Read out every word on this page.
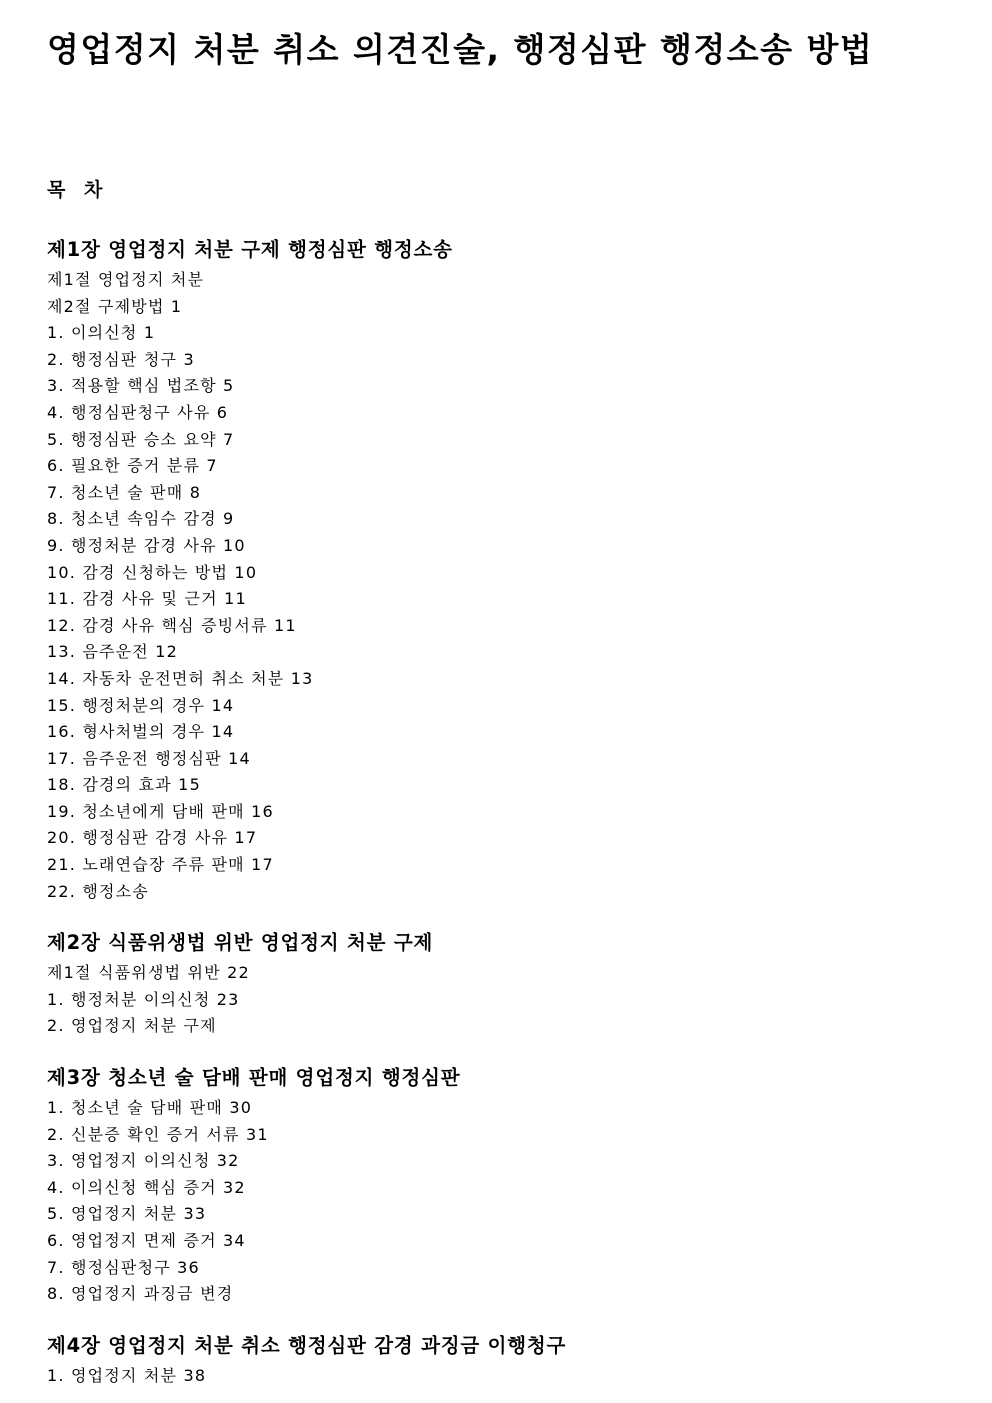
영업정지 처분 취소 의견진술, 행정심판 행정소송 방법
목 차
제1장 영업정지 처분 구제 행정심판 행정소송

제1절 영업정지 처분

제2절 구제방법 1

1. 이의신청 1

2. 행정심판 청구 3

3. 적용할 핵심 법조항 5

4. 행정심판청구 사유 6

5. 행정심판 승소 요약 7

6. 필요한 증거 분류 7

7. 청소년 술 판매 8

8. 청소년 속임수 감경 9

9. 행정처분 감경 사유 10

10. 감경 신청하는 방법 10

11. 감경 사유 및 근거 11

12. 감경 사유 핵심 증빙서류 11

13. 음주운전 12

14. 자동차 운전면허 취소 처분 13

15. 행정처분의 경우 14

16. 형사처벌의 경우 14

17. 음주운전 행정심판 14

18. 감경의 효과 15

19. 청소년에게 담배 판매 16

20. 행정심판 감경 사유 17

21. 노래연습장 주류 판매 17

22. 행정소송

제2장 식품위생법 위반 영업정지 처분 구제

제1절 식품위생법 위반 22

1. 행정처분 이의신청 23

2. 영업정지 처분 구제

제3장 청소년 술 담배 판매 영업정지 행정심판

1. 청소년 술 담배 판매 30

2. 신분증 확인 증거 서류 31

3. 영업정지 이의신청 32

4. 이의신청 핵심 증거 32

5. 영업정지 처분 33

6. 영업정지 면제 증거 34

7. 행정심판청구 36

8. 영업정지 과징금 변경

제4장 영업정지 처분 취소 행정심판 감경 과징금 이행청구

1. 영업정지 처분 38
